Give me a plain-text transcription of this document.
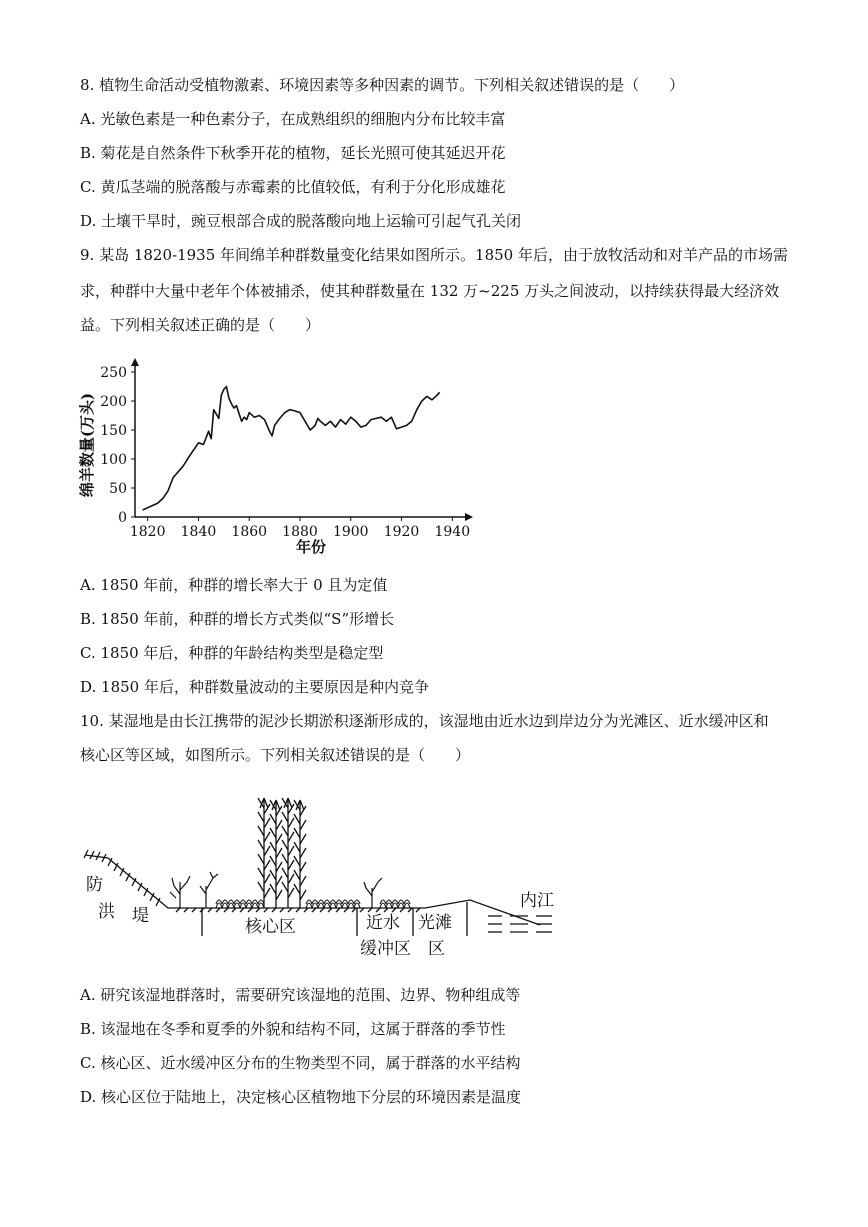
8. 植物生命活动受植物激素、环境因素等多种因素的调节。下列相关叙述错误的是（　　）
A. 光敏色素是一种色素分子，在成熟组织的细胞内分布比较丰富
B. 菊花是自然条件下秋季开花的植物，延长光照可使其延迟开花
C. 黄瓜茎端的脱落酸与赤霉素的比值较低，有利于分化形成雄花
D. 土壤干旱时，豌豆根部合成的脱落酸向地上运输可引起气孔关闭
9. 某岛 1820-1935 年间绵羊种群数量变化结果如图所示。1850 年后，由于放牧活动和对羊产品的市场需
求，种群中大量中老年个体被捕杀，使其种群数量在 132 万~225 万头之间波动，以持续获得最大经济效
益。下列相关叙述正确的是（　　）
1820 1840 1860 1880 1900 1920 1940
0
50
100
150
200
250
绵羊数量(万头)
年份
A. 1850 年前，种群的增长率大于 0 且为定值
B. 1850 年前，种群的增长方式类似“S”形增长
C. 1850 年后，种群的年龄结构类型是稳定型
D. 1850 年后，种群数量波动的主要原因是种内竞争
10. 某湿地是由长江携带的泥沙长期淤积逐渐形成的，该湿地由近水边到岸边分为光滩区、近水缓冲区和
核心区等区域，如图所示。下列相关叙述错误的是（　　）
防
洪 堤
核心区	近水
缓冲区
光滩
区
内江
A. 研究该湿地群落时，需要研究该湿地的范围、边界、物种组成等
B. 该湿地在冬季和夏季的外貌和结构不同，这属于群落的季节性
C. 核心区、近水缓冲区分布的生物类型不同，属于群落的水平结构
D. 核心区位于陆地上，决定核心区植物地下分层的环境因素是温度
